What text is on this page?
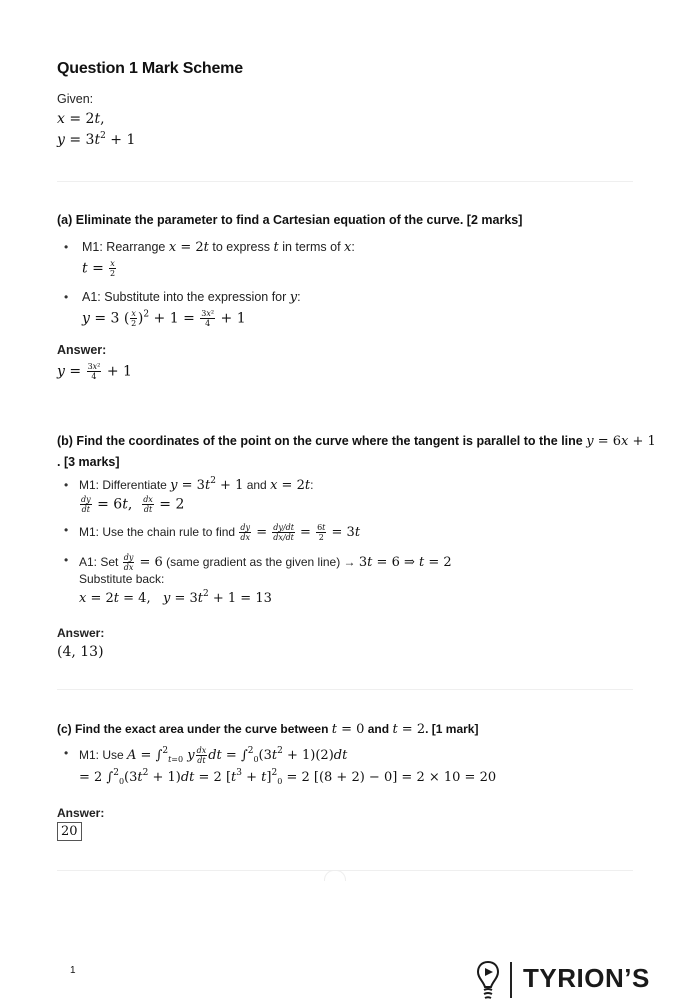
Question 1 Mark Scheme
Given:
x = 2t,
$y = 3t^2 + 1$
(a) Eliminate the parameter to find a Cartesian equation of the curve. [2 marks]
• M1: Rearrange x = 2t to express t in terms of x:
$t = \frac{x}{2}$
• A1: Substitute into the expression for y:
y = 3 ( $\frac{x}{2} )^2 + 1 = \frac{\text{3x²}}{4} + 1$
Answer:
$y = \frac{\text{3x²}}{4} + 1$
(b) Find the coordinates of the point on the curve where the tangent is parallel to the line y = 6x + 1
. [3 marks]
• M1: Differentiate $y = 3t^2 + 1$ and x = 2t:
$\frac{dy}{dt} = 6t$, $\frac{dx}{dt} = 2$
• M1: Use the chain rule to find $\frac{dy}{dx} = \frac{dy/dt}{dx/dt} = \frac{6t}{2} = 3t$
• A1: Set $\frac{dy}{dx} = 6$ (same gradient as the given line) → 3t = 6 ⇒ t = 2
Substitute back:
x = 2t = 4,   $y = 3t^2 + 1 = 13$
Answer:
(4, 13)
(c) Find the exact area under the curve between t = 0 and t = 2. [1 mark]
• M1: Use A = ∫$^2_{t=0}$ y $\frac{dx}{dt}$ dt = $\int^2_0(3t^2 + 1)(2)dt$
= 2 $\int^2_0(3t^2 + 1)dt = 2$ $[t^3 + t]^2_0 = 2$ [(8 + 2) − 0] = 2 × 10 = 20
Answer:
20
1	TYRION’S
